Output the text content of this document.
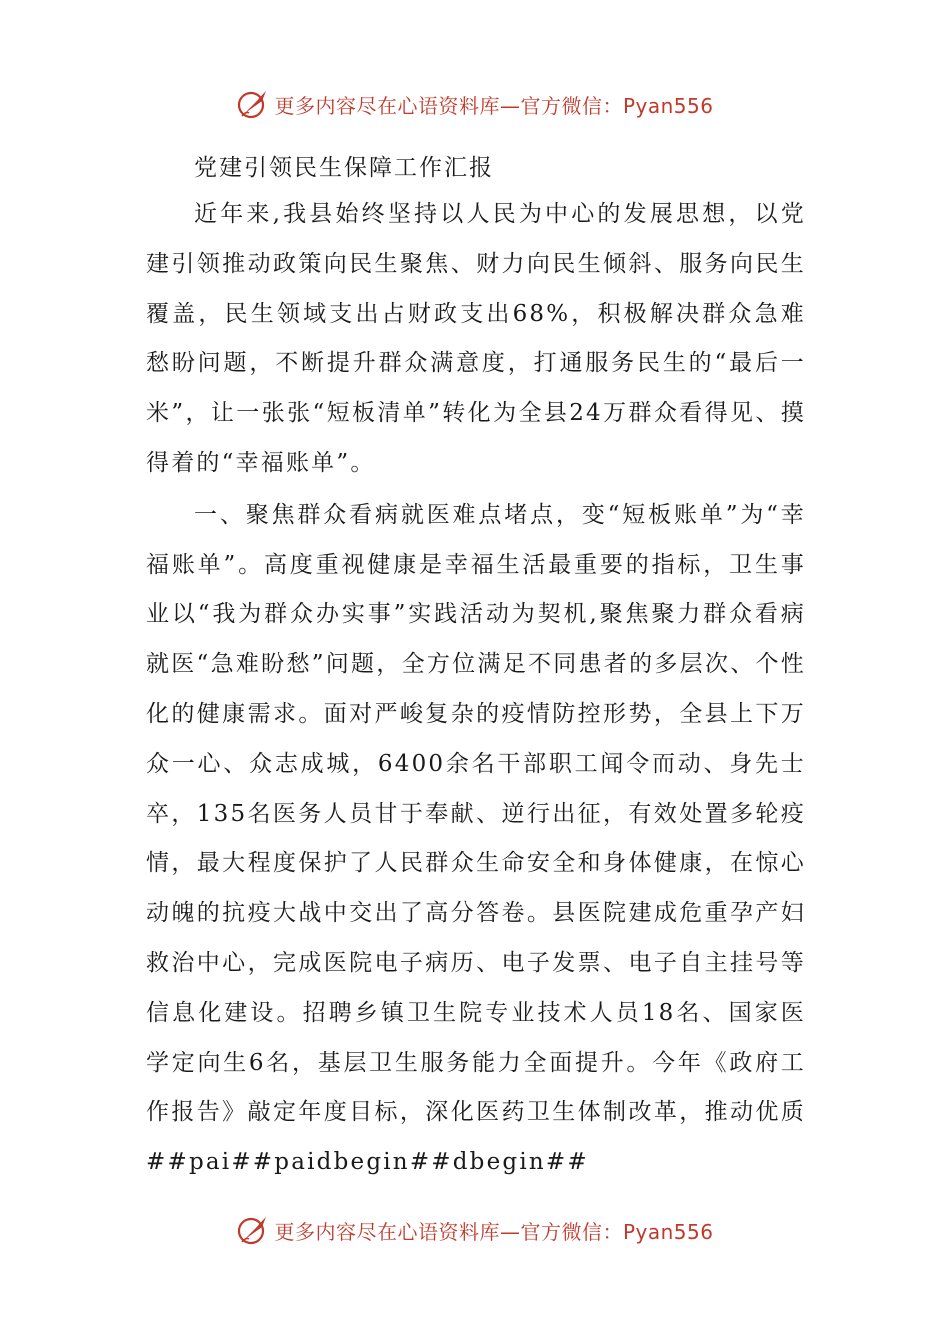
更多内容尽在心语资料库—官方微信：Pyan556
党建引领民生保障工作汇报

近年来,我县始终坚持以人民为中心的发展思想，以党建引领推动政策向民生聚焦、财力向民生倾斜、服务向民生覆盖，民生领域支出占财政支出68%，积极解决群众急难愁盼问题，不断提升群众满意度，打通服务民生的“最后一米”，让一张张“短板清单”转化为全县24万群众看得见、摸得着的“幸福账单”。

一、聚焦群众看病就医难点堵点，变“短板账单”为“幸福账单”。高度重视健康是幸福生活最重要的指标，卫生事业以“我为群众办实事”实践活动为契机,聚焦聚力群众看病就医“急难盼愁”问题，全方位满足不同患者的多层次、个性化的健康需求。面对严峻复杂的疫情防控形势，全县上下万众一心、众志成城，6400余名干部职工闻令而动、身先士卒，135名医务人员甘于奉献、逆行出征，有效处置多轮疫情，最大程度保护了人民群众生命安全和身体健康，在惊心动魄的抗疫大战中交出了高分答卷。县医院建成危重孕产妇救治中心，完成医院电子病历、电子发票、电子自主挂号等信息化建设。招聘乡镇卫生院专业技术人员18名、国家医学定向生6名，基层卫生服务能力全面提升。今年《政府工作报告》敲定年度目标，深化医药卫生体制改革，推动优质##pai##paidbegin##dbegin##

更多内容尽在心语资料库—官方微信：Pyan556
